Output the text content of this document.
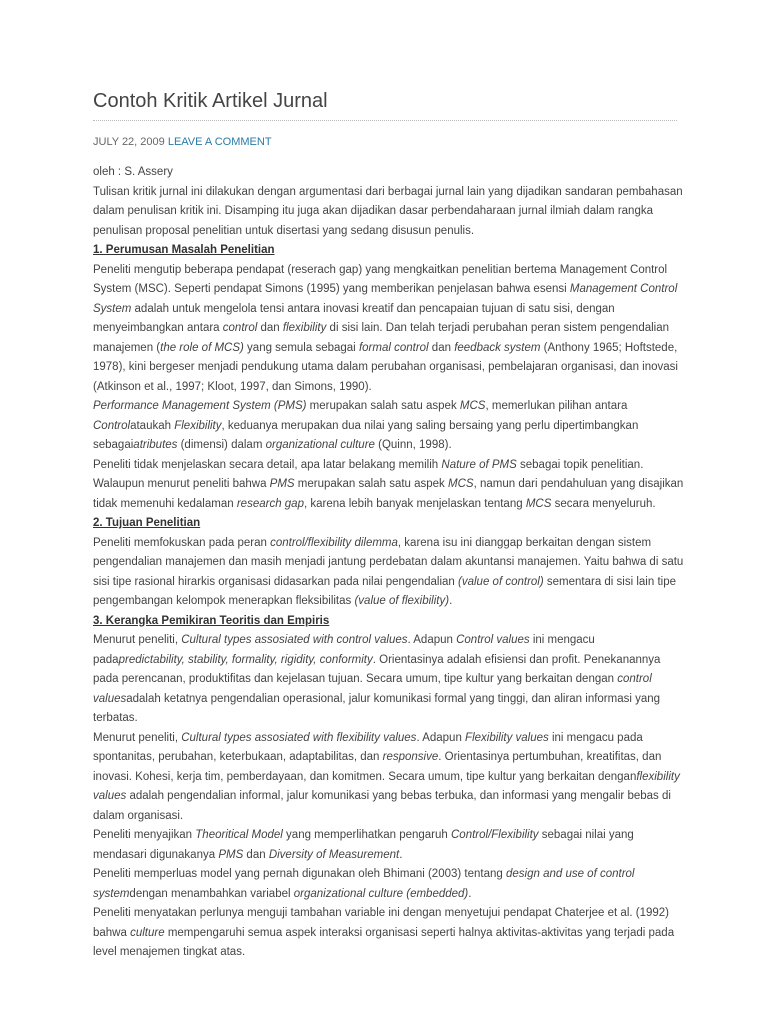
Contoh Kritik Artikel Jurnal
JULY 22, 2009 LEAVE A COMMENT

oleh : S. Assery

Tulisan kritik jurnal ini dilakukan dengan argumentasi dari berbagai jurnal lain yang dijadikan sandaran pembahasan dalam penulisan kritik ini. Disamping itu juga akan dijadikan dasar perbendaharaan jurnal ilmiah dalam rangka penulisan proposal penelitian untuk disertasi yang sedang disusun penulis.

1. Perumusan Masalah Penelitian

Peneliti mengutip beberapa pendapat (reserach gap) yang mengkaitkan penelitian bertema Management Control System (MSC). Seperti pendapat Simons (1995) yang memberikan penjelasan bahwa esensi Management Control System adalah untuk mengelola tensi antara inovasi kreatif dan pencapaian tujuan di satu sisi, dengan menyeimbangkan antara control dan flexibility di sisi lain. Dan telah terjadi perubahan peran sistem pengendalian manajemen (the role of MCS) yang semula sebagai formal control dan feedback system (Anthony 1965; Hoftstede, 1978), kini bergeser menjadi pendukung utama dalam perubahan organisasi, pembelajaran organisasi, dan inovasi (Atkinson et al., 1997; Kloot, 1997, dan Simons, 1990).

Performance Management System (PMS) merupakan salah satu aspek MCS, memerlukan pilihan antara Controlataukah Flexibility, keduanya merupakan dua nilai yang saling bersaing yang perlu dipertimbangkan sebagaiatributes (dimensi) dalam organizational culture (Quinn, 1998).

Peneliti tidak menjelaskan secara detail, apa latar belakang memilih Nature of PMS sebagai topik penelitian.

Walaupun menurut peneliti bahwa PMS merupakan salah satu aspek MCS, namun dari pendahuluan yang disajikan tidak memenuhi kedalaman research gap, karena lebih banyak menjelaskan tentang MCS secara menyeluruh.

2. Tujuan Penelitian

Peneliti memfokuskan pada peran control/flexibility dilemma, karena isu ini dianggap berkaitan dengan sistem pengendalian manajemen dan masih menjadi jantung perdebatan dalam akuntansi manajemen. Yaitu bahwa di satu sisi tipe rasional hirarkis organisasi didasarkan pada nilai pengendalian (value of control) sementara di sisi lain tipe pengembangan kelompok menerapkan fleksibilitas (value of flexibility).

3. Kerangka Pemikiran Teoritis dan Empiris

Menurut peneliti, Cultural types assosiated with control values. Adapun Control values ini mengacu padapredictability, stability, formality, rigidity, conformity. Orientasinya adalah efisiensi dan profit. Penekanannya pada perencanan, produktifitas dan kejelasan tujuan. Secara umum, tipe kultur yang berkaitan dengan control valuesadalah ketatnya pengendalian operasional, jalur komunikasi formal yang tinggi, dan aliran informasi yang terbatas.

Menurut peneliti, Cultural types assosiated with flexibility values. Adapun Flexibility values ini mengacu pada spontanitas, perubahan, keterbukaan, adaptabilitas, dan responsive. Orientasinya pertumbuhan, kreatifitas, dan inovasi. Kohesi, kerja tim, pemberdayaan, dan komitmen. Secara umum, tipe kultur yang berkaitan denganflexibility values adalah pengendalian informal, jalur komunikasi yang bebas terbuka, dan informasi yang mengalir bebas di dalam organisasi.

Peneliti menyajikan Theoritical Model yang memperlihatkan pengaruh Control/Flexibility sebagai nilai yang mendasari digunakanya PMS dan Diversity of Measurement.

Peneliti memperluas model yang pernah digunakan oleh Bhimani (2003) tentang design and use of control systemdengan menambahkan variabel organizational culture (embedded).

Peneliti menyatakan perlunya menguji tambahan variable ini dengan menyetujui pendapat Chaterjee et al. (1992) bahwa culture mempengaruhi semua aspek interaksi organisasi seperti halnya aktivitas-aktivitas yang terjadi pada level menajemen tingkat atas.
